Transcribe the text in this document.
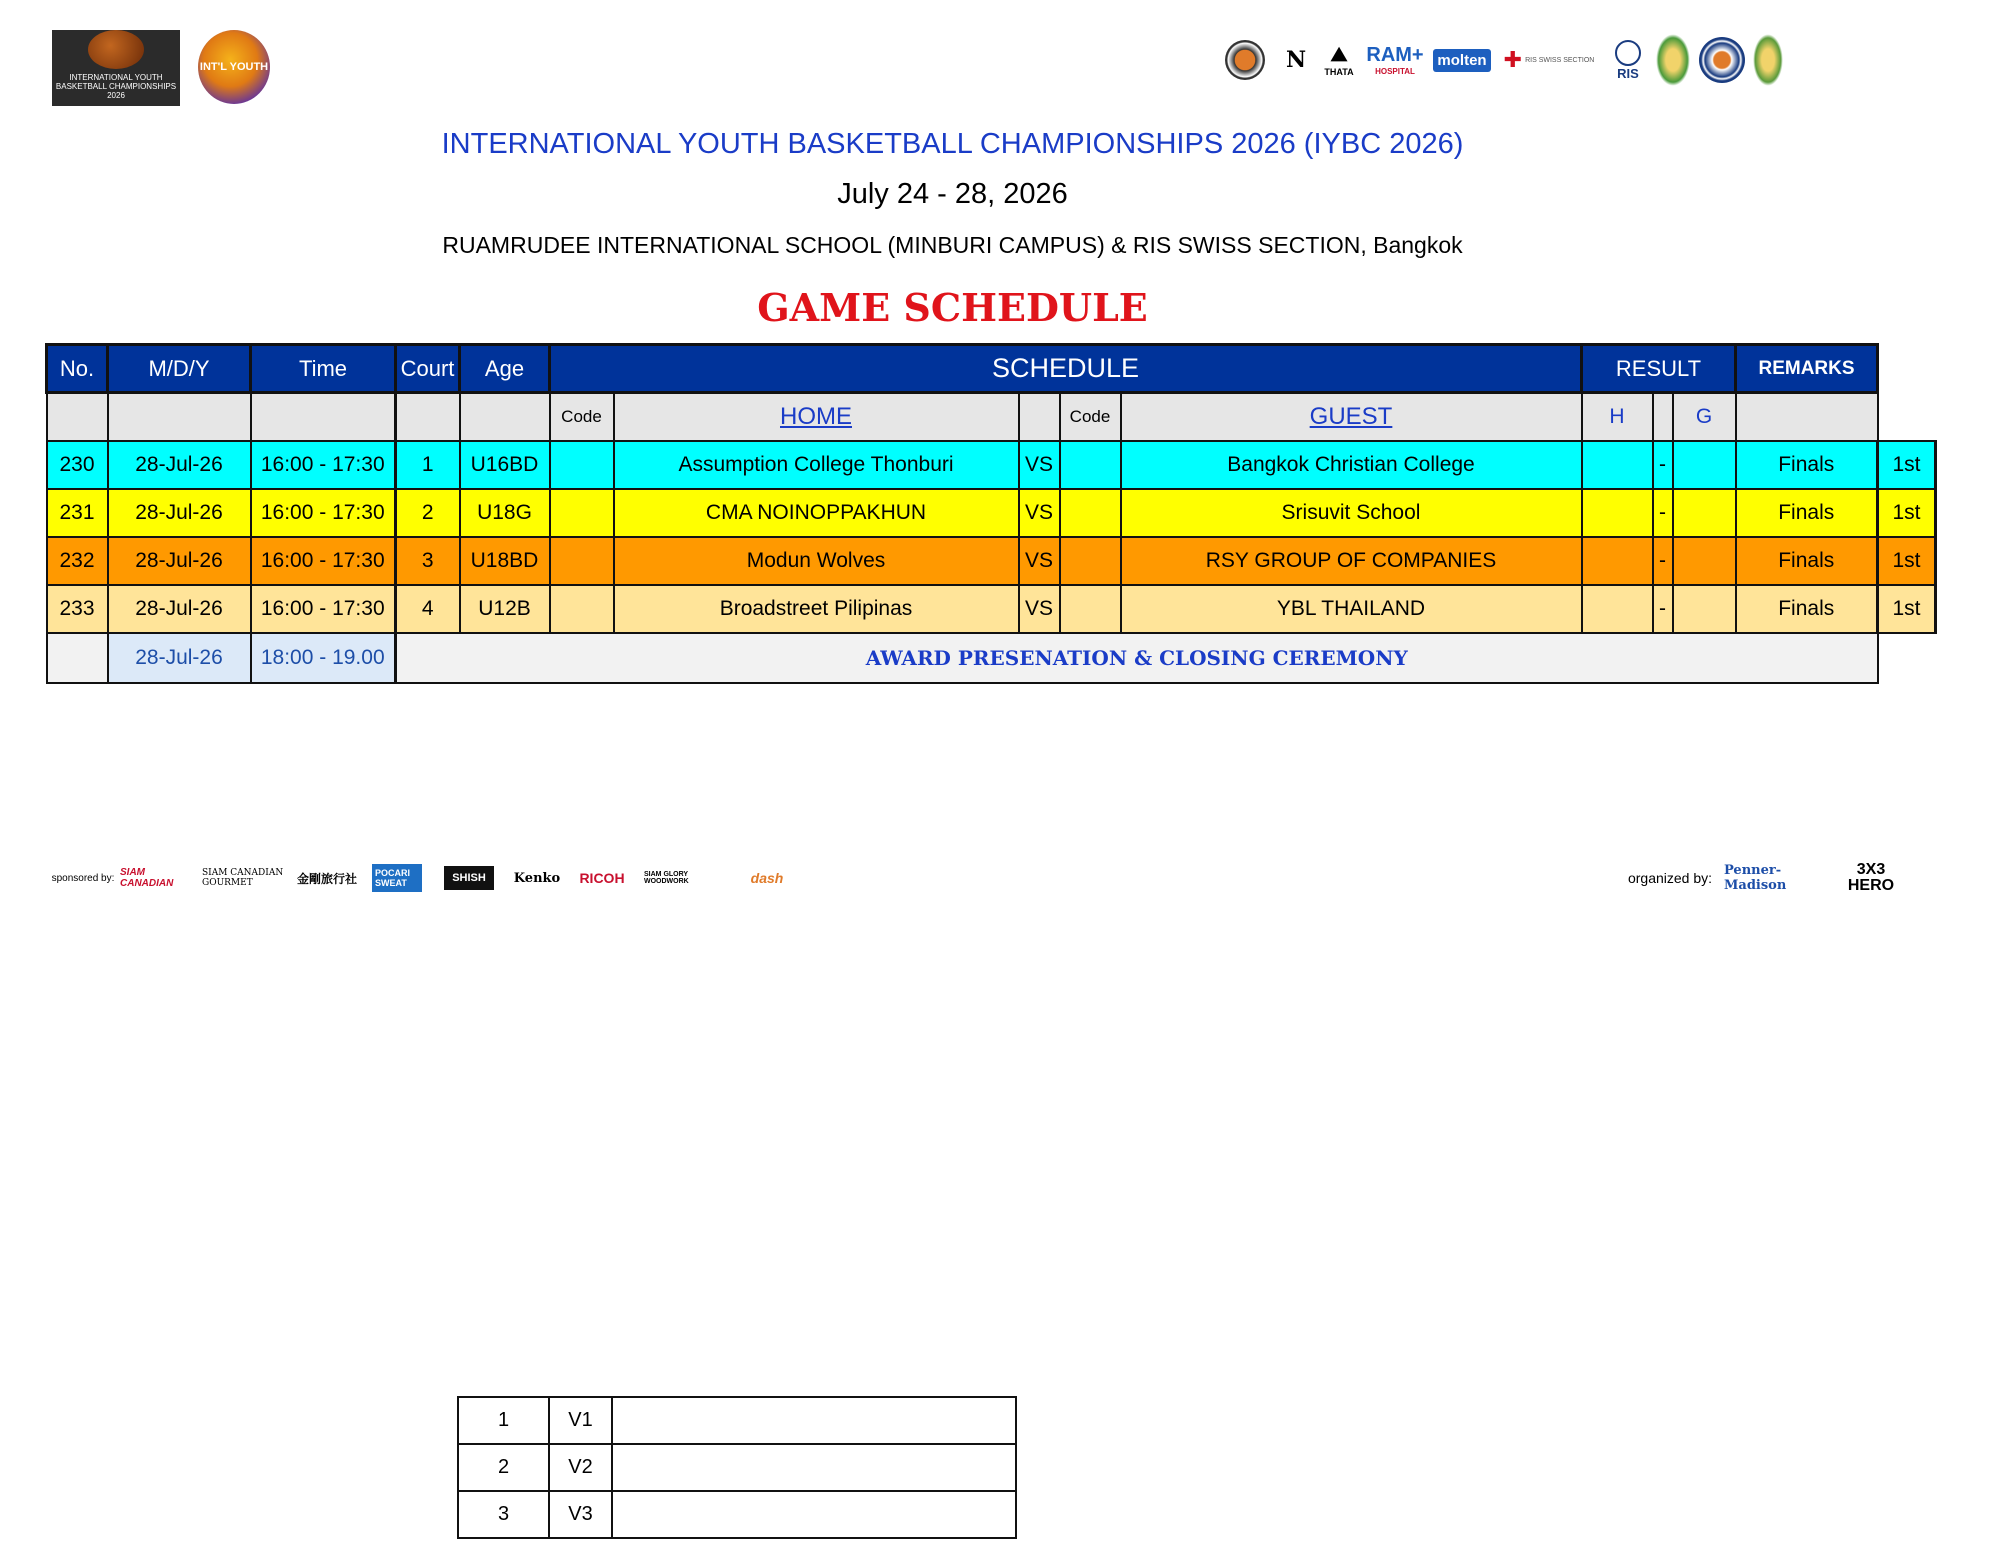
INTERNATIONAL YOUTH BASKETBALL CHAMPIONSHIPS 2026
INT'L YOUTH	N ⛰
THATA
RAM+
HOSPITAL
molten ✚ RIS SWISS SECTION
RIS
INTERNATIONAL YOUTH BASKETBALL CHAMPIONSHIPS 2026 (IYBC 2026)
July 24 - 28, 2026
RUAMRUDEE INTERNATIONAL SCHOOL (MINBURI CAMPUS) & RIS SWISS SECTION, Bangkok
GAME SCHEDULE
No.	M/D/Y	Time	Court	Age	SCHEDULE					RESULT			REMARKS	
					Code	HOME		Code	GUEST	H		G		
230	28-Jul-26	16:00 - 17:30	1	U16BD		Assumption College Thonburi	VS		Bangkok Christian College		-		Finals	1st
231	28-Jul-26	16:00 - 17:30	2	U18G		CMA NOINOPPAKHUN	VS		Srisuvit School		-		Finals	1st
232	28-Jul-26	16:00 - 17:30	3	U18BD		Modun Wolves	VS		RSY GROUP OF COMPANIES		-		Finals	1st
233	28-Jul-26	16:00 - 17:30	4	U12B		Broadstreet Pilipinas	VS		YBL THAILAND		-		Finals	1st
	28-Jul-26	18:00 - 19.00	AWARD PRESENATION & CLOSING CEREMONY											
sponsored by: SIAM CANADIAN
SIAM CANADIAN GOURMET	金剛旅行社	POCARI SWEAT	SHISH	Kenko	RICOH	SIAM GLORY WOODWORK	dash	organized by: Penner-Madison
3X3 HERO
1	V1	
2	V2	
3	V3	
